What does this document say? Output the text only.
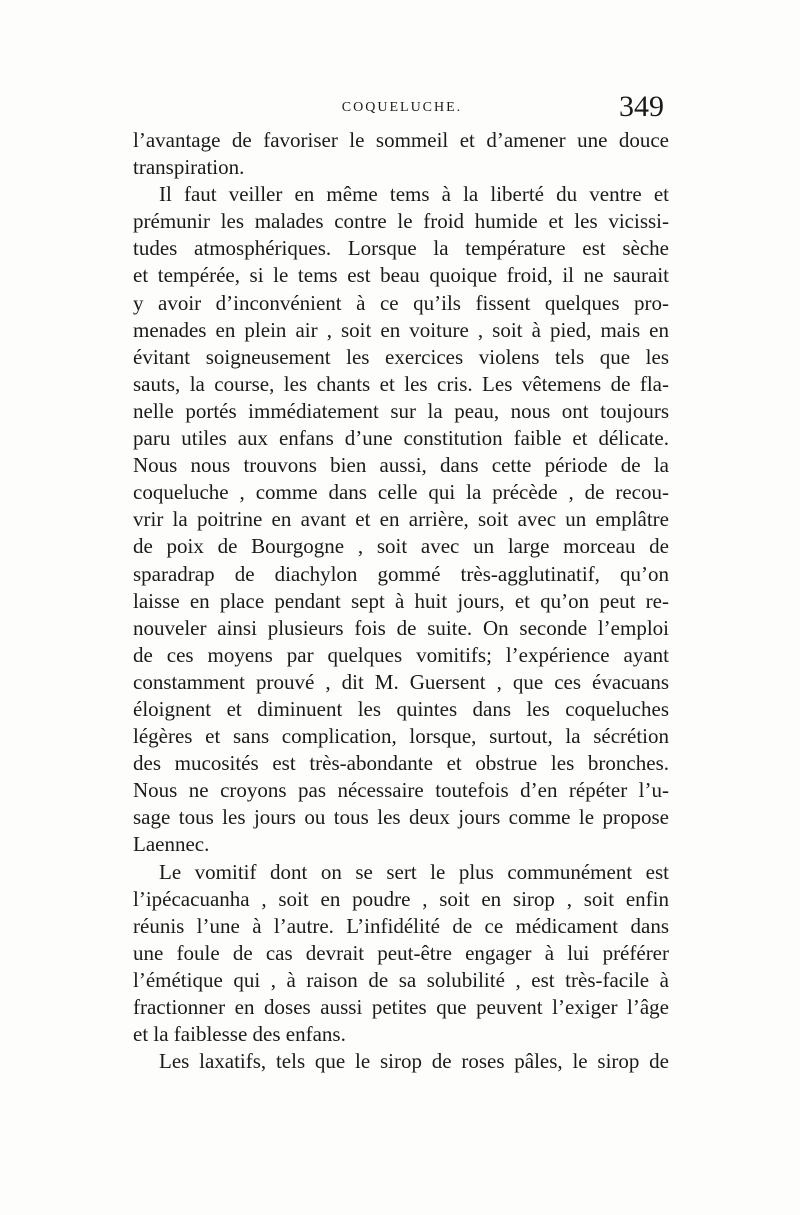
COQUELUCHE.	349
l’avantage de favoriser le sommeil et d’amener une douce
transpiration.
Il faut veiller en même tems à la liberté du ventre et
prémunir les malades contre le froid humide et les vicissi-
tudes atmosphériques. Lorsque la température est sèche
et tempérée, si le tems est beau quoique froid, il ne saurait
y avoir d’inconvénient à ce qu’ils fissent quelques pro-
menades en plein air , soit en voiture , soit à pied, mais en
évitant soigneusement les exercices violens tels que les
sauts, la course, les chants et les cris. Les vêtemens de fla-
nelle portés immédiatement sur la peau, nous ont toujours
paru utiles aux enfans d’une constitution faible et délicate.
Nous nous trouvons bien aussi, dans cette période de la
coqueluche , comme dans celle qui la précède , de recou-
vrir la poitrine en avant et en arrière, soit avec un emplâtre
de poix de Bourgogne , soit avec un large morceau de
sparadrap de diachylon gommé très-agglutinatif, qu’on
laisse en place pendant sept à huit jours, et qu’on peut re-
nouveler ainsi plusieurs fois de suite. On seconde l’emploi
de ces moyens par quelques vomitifs; l’expérience ayant
constamment prouvé , dit M. Guersent , que ces évacuans
éloignent et diminuent les quintes dans les coqueluches
légères et sans complication, lorsque, surtout, la sécrétion
des mucosités est très-abondante et obstrue les bronches.
Nous ne croyons pas nécessaire toutefois d’en répéter l’u-
sage tous les jours ou tous les deux jours comme le propose
Laennec.
Le vomitif dont on se sert le plus communément est
l’ipécacuanha , soit en poudre , soit en sirop , soit enfin
réunis l’une à l’autre. L’infidélité de ce médicament dans
une foule de cas devrait peut-être engager à lui préférer
l’émétique qui , à raison de sa solubilité , est très-facile à
fractionner en doses aussi petites que peuvent l’exiger l’âge
et la faiblesse des enfans.
Les laxatifs, tels que le sirop de roses pâles, le sirop de
